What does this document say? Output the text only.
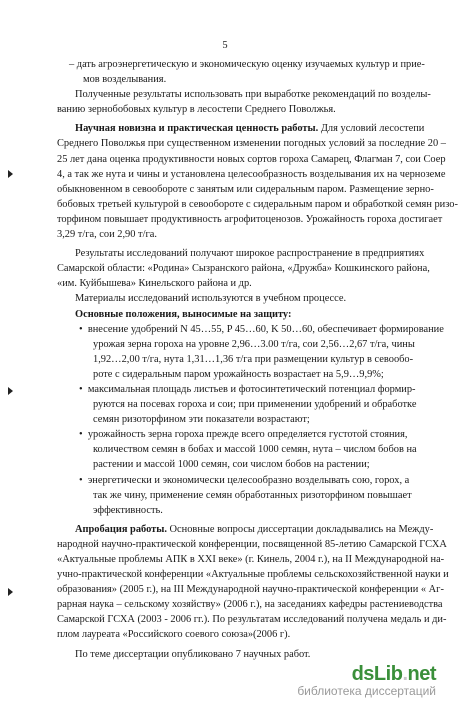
5
– дать агроэнергетическую и экономическую оценку изучаемых культур и прие-
мов возделывания.
Полученные результаты использовать при выработке рекомендаций по возделы-
ванию зернобобовых культур в лесостепи Среднего Поволжья.
Научная новизна и практическая ценность работы. Для условий лесостепи
Среднего Поволжья при существенном изменении погодных условий за последние 20 –
25 лет дана оценка продуктивности новых сортов гороха Самарец, Флагман 7, сои Соер
4, а так же нута и чины и установлена целесообразность возделывания их на черноземе
обыкновенном в севообороте с занятым или сидеральным паром. Размещение зерно-
бобовых третьей культурой в севообороте с сидеральным паром и обработкой семян ризо-
торфином повышает продуктивность агрофитоценозов. Урожайность гороха достигает
3,29 т/га, сои 2,90 т/га.
Результаты исследований получают широкое распространение в предприятиях
Самарской области: «Родина» Сызранского района, «Дружба» Кошкинского района,
«им. Куйбышева» Кинельского района и др.
Материалы исследований используются в учебном процессе.
Основные положения, выносимые на защиту:
•  внесение удобрений N 45…55, P 45…60, K 50…60, обеспечивает формирование
урожая зерна гороха на уровне 2,96…3.00 т/га, сои 2,56…2,67 т/га, чины
1,92…2,00 т/га, нута 1,31…1,36 т/га при размещении культур в севообо-
роте с сидеральным паром урожайность возрастает на 5,9…9,9%;
•  максимальная площадь листьев и фотосинтетический потенциал формир-
руются на посевах гороха и сои; при применении удобрений и обработке
семян ризоторфином эти показатели возрастают;
•  урожайность зерна гороха прежде всего определяется густотой стояния,
количеством семян в бобах и массой 1000 семян, нута – числом бобов на
растении и массой 1000 семян, сои числом бобов на растении;
•  энергетически и экономически целесообразно возделывать сою, горох, а
так же чину, применение семян обработанных ризоторфином повышает
эффективность.
Апробация работы. Основные вопросы диссертации докладывались на Между-
народной научно-практической конференции, посвященной 85-летию Самарской ГСХА
«Актуальные проблемы АПК в XXI веке» (г. Кинель, 2004 г.), на II Международной на-
учно-практической конференции «Актуальные проблемы сельскохозяйственной науки и
образования» (2005 г.), на III Международной научно-практической конференции « Аг-
рарная наука – сельскому хозяйству» (2006 г.), на заседаниях кафедры растениеводства
Самарской ГСХА (2003 - 2006 гг.). По результатам исследований получена медаль и ди-
плом лауреата «Российского соевого союза»(2006 г).
По теме диссертации опубликовано 7 научных работ.
dsLib.net
библиотека диссертаций
